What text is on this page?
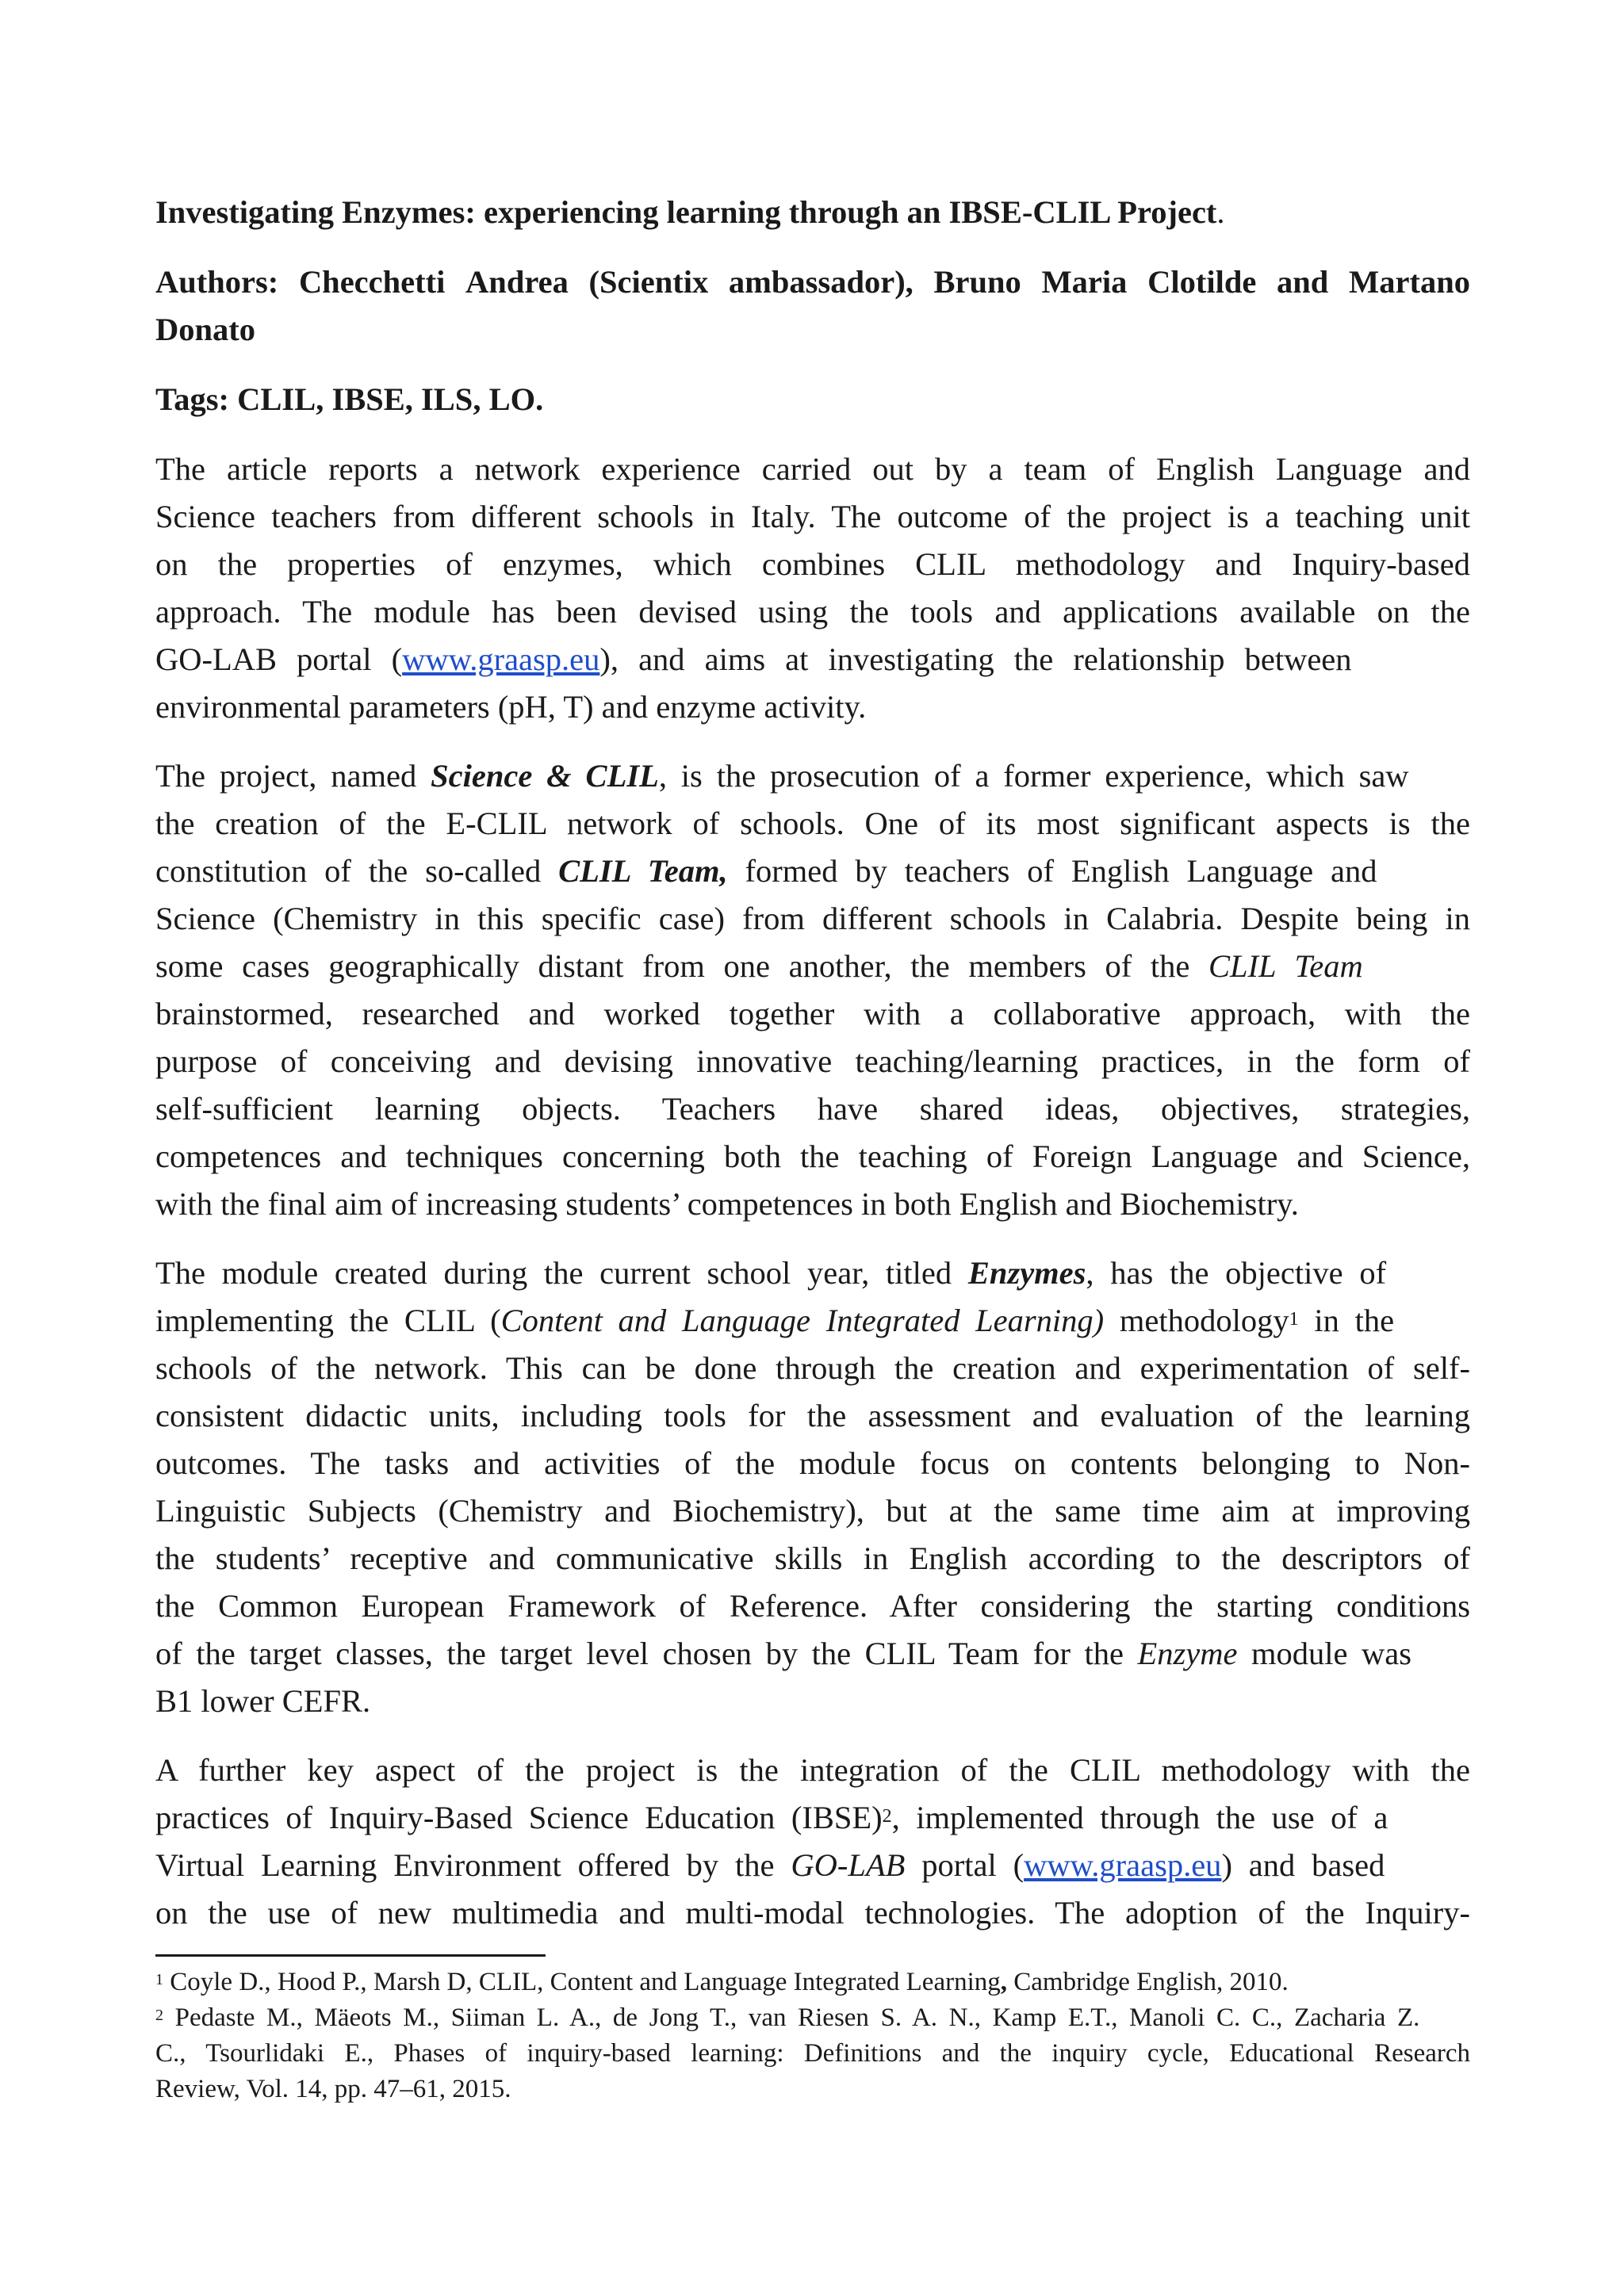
Investigating Enzymes: experiencing learning through an IBSE-CLIL Project .
Authors: Checchetti Andrea (Scientix ambassador), Bruno Maria Clotilde and Martano
Donato
Tags: CLIL, IBSE, ILS, LO.
The article reports a network experience carried out by a team of English Language and
Science teachers from different schools in Italy. The outcome of the project is a teaching unit
on the properties of enzymes, which combines CLIL methodology and Inquiry-based
approach. The module has been devised using the tools and applications available on the
GO-LAB portal (www.graasp.eu), and aims at investigating the relationship between
environmental parameters (pH, T) and enzyme activity.
The project, named Science & CLIL, is the prosecution of a former experience, which saw
the creation of the E-CLIL network of schools. One of its most significant aspects is the
constitution of the so-called CLIL Team, formed by teachers of English Language and
Science (Chemistry in this specific case) from different schools in Calabria. Despite being in
some cases geographically distant from one another, the members of the CLIL Team
brainstormed, researched and worked together with a collaborative approach, with the
purpose of conceiving and devising innovative teaching/learning practices, in the form of
self-sufficient learning objects. Teachers have shared ideas, objectives, strategies,
competences and techniques concerning both the teaching of Foreign Language and Science,
with the final aim of increasing students’ competences in both English and Biochemistry.
The module created during the current school year, titled Enzymes, has the objective of
implementing the CLIL (Content and Language Integrated Learning) methodology$^1$ in the
schools of the network. This can be done through the creation and experimentation of self-
consistent didactic units, including tools for the assessment and evaluation of the learning
outcomes. The tasks and activities of the module focus on contents belonging to Non-
Linguistic Subjects (Chemistry and Biochemistry), but at the same time aim at improving
the students’ receptive and communicative skills in English according to the descriptors of
the Common European Framework of Reference. After considering the starting conditions
of the target classes, the target level chosen by the CLIL Team for the Enzyme module was
B1 lower CEFR.
A further key aspect of the project is the integration of the CLIL methodology with the
practices of Inquiry-Based Science Education (IBSE)$^2$, implemented through the use of a
Virtual Learning Environment offered by the GO-LAB portal (www.graasp.eu) and based
on the use of new multimedia and multi-modal technologies. The adoption of the Inquiry-
$^1$ Coyle D., Hood P., Marsh D, CLIL, Content and Language Integrated Learning, Cambridge English, 2010.
$^2$ Pedaste M., Mäeots M., Siiman L. A., de Jong T., van Riesen S. A. N., Kamp E.T., Manoli C. C., Zacharia Z.
C., Tsourlidaki E., Phases of inquiry-based learning: Definitions and the inquiry cycle, Educational Research
Review, Vol. 14, pp. 47–61, 2015.
